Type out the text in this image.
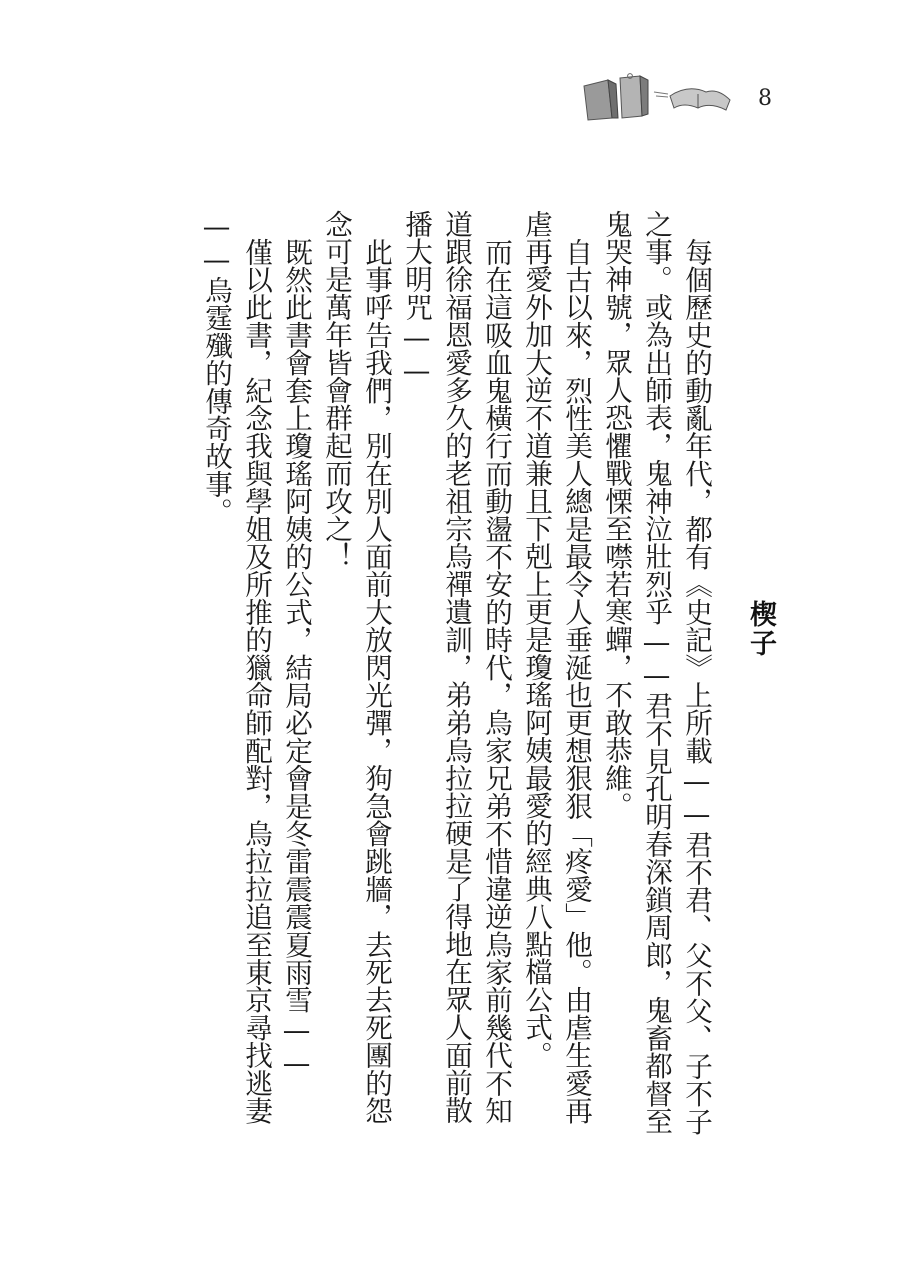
8
楔子

每個歷史的動亂年代，都有《史記》上所載——君不君、父不父、子不子之事。或為出師表，鬼神泣壯烈乎——君不見孔明春深鎖周郎，鬼畜都督至鬼哭神號，眾人恐懼戰慄至噤若寒蟬，不敢恭維。

自古以來，烈性美人總是最令人垂涎也更想狠狠「疼愛」他。由虐生愛再虐再愛外加大逆不道兼且下剋上更是瓊瑤阿姨最愛的經典八點檔公式。

而在這吸血鬼橫行而動盪不安的時代，烏家兄弟不惜違逆烏家前幾代不知道跟徐福恩愛多久的老祖宗烏禪遺訓，弟弟烏拉拉硬是了得地在眾人面前散播大明咒——

此事呼告我們，別在別人面前大放閃光彈，狗急會跳牆，去死去死團的怨念可是萬年皆會群起而攻之！

既然此書會套上瓊瑤阿姨的公式，結局必定會是冬雷震震夏雨雪——

僅以此書，紀念我與學姐及所推的獵命師配對，烏拉拉追至東京尋找逃妻——烏霆殲的傳奇故事。
